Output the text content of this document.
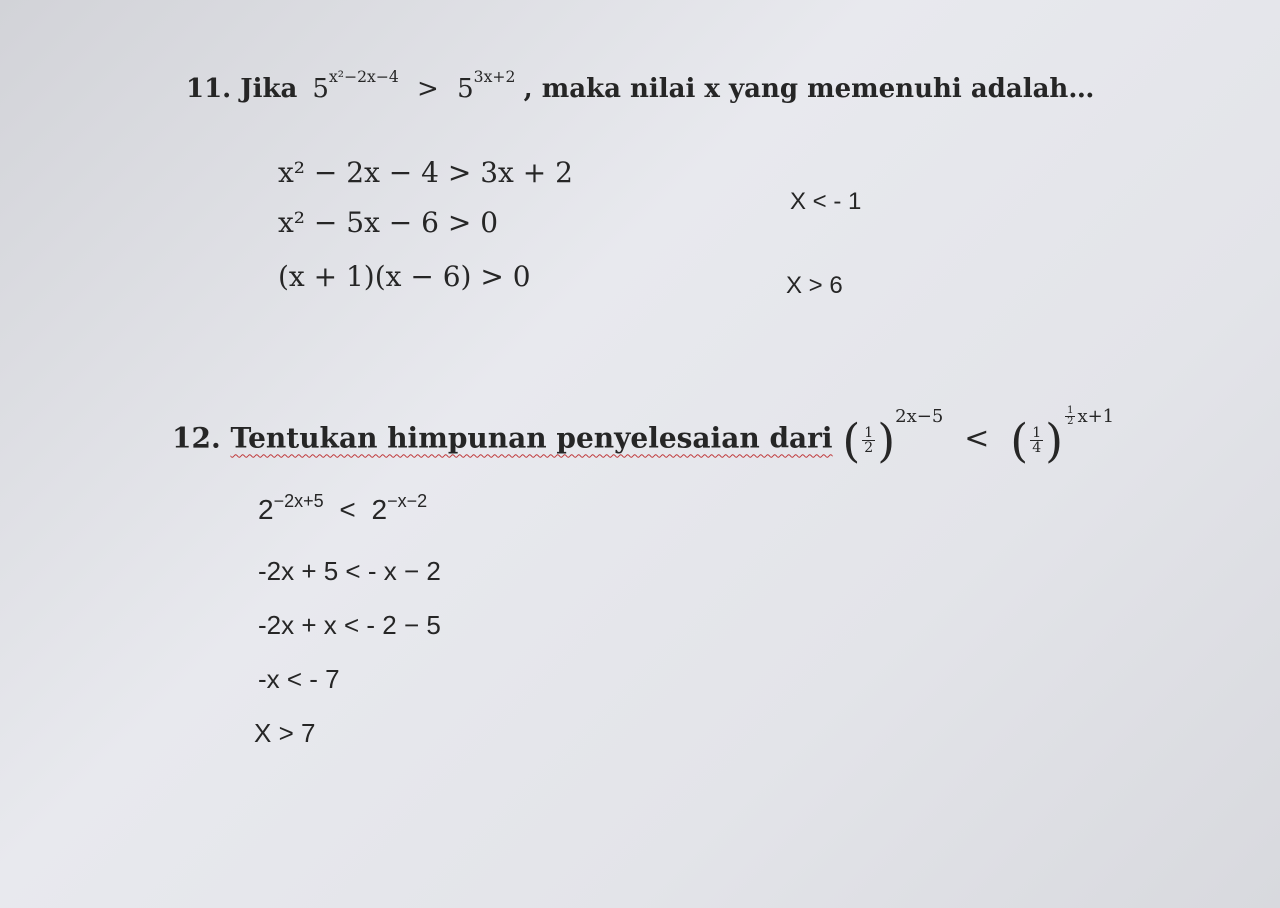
11. Jika $5^{x^2-2x-4} > 5^{3x+2}$ , maka nilai x yang memenuhi adalah…
x² − 2x − 4 > 3x + 2
x² − 5x − 6 > 0
(x + 1)(x − 6) > 0
X < - 1
X > 6
12. Tentukan himpunan penyelesaian dari ( $\frac{1}{2} )^{2x-5}$ < ( $\frac{1}{4}$ ) $^{\frac{1}{2} x+1}$
$2^{-2x+5} < 2^{-x-2}$
-2x + 5 < - x − 2
-2x + x < - 2 − 5
-x < - 7
X > 7
